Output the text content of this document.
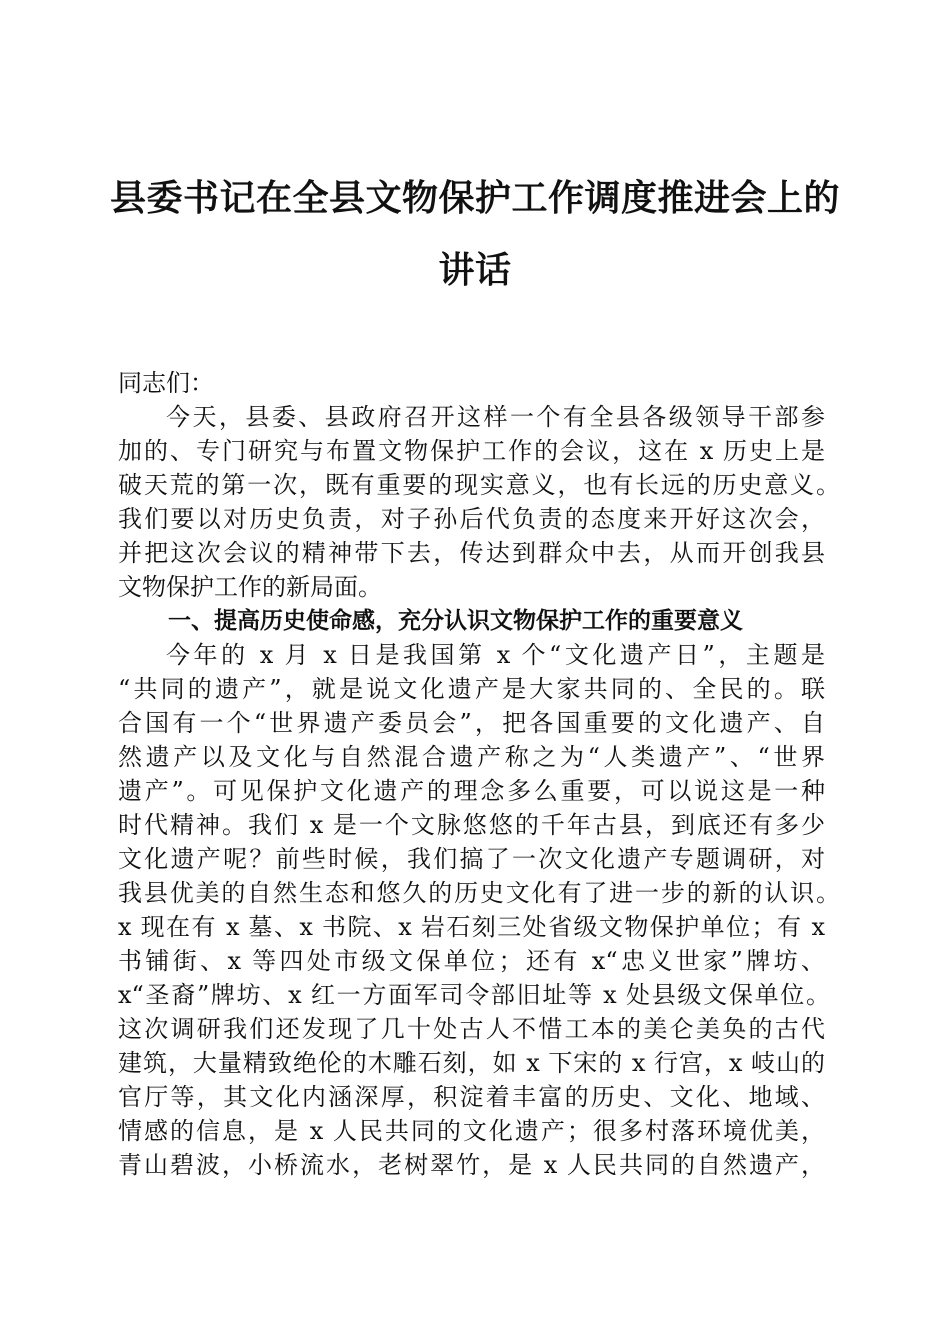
县委书记在全县文物保护工作调度推进会上的
讲话
同志们：
今天，县委、县政府召开这样一个有全县各级领导干部参
加的、专门研究与布置文物保护工作的会议，这在 x 历史上是
破天荒的第一次，既有重要的现实意义，也有长远的历史意义。
我们要以对历史负责，对子孙后代负责的态度来开好这次会，
并把这次会议的精神带下去，传达到群众中去，从而开创我县
文物保护工作的新局面。
一、提高历史使命感，充分认识文物保护工作的重要意义
今年的 x 月 x 日是我国第 x 个“文化遗产日”，主题是
“共同的遗产”，就是说文化遗产是大家共同的、全民的。联
合国有一个“世界遗产委员会”，把各国重要的文化遗产、自
然遗产以及文化与自然混合遗产称之为“人类遗产”、“世界
遗产”。可见保护文化遗产的理念多么重要，可以说这是一种
时代精神。我们 x 是一个文脉悠悠的千年古县，到底还有多少
文化遗产呢？前些时候，我们搞了一次文化遗产专题调研，对
我县优美的自然生态和悠久的历史文化有了进一步的新的认识。
x 现在有 x 墓、x 书院、x 岩石刻三处省级文物保护单位；有 x
书铺街、x 等四处市级文保单位；还有 x“忠义世家”牌坊、
x“圣裔”牌坊、x 红一方面军司令部旧址等 x 处县级文保单位。
这次调研我们还发现了几十处古人不惜工本的美仑美奂的古代
建筑，大量精致绝伦的木雕石刻，如 x 下宋的 x 行宫，x 岐山的
官厅等，其文化内涵深厚，积淀着丰富的历史、文化、地域、
情感的信息，是 x 人民共同的文化遗产；很多村落环境优美，
青山碧波，小桥流水，老树翠竹，是 x 人民共同的自然遗产，
